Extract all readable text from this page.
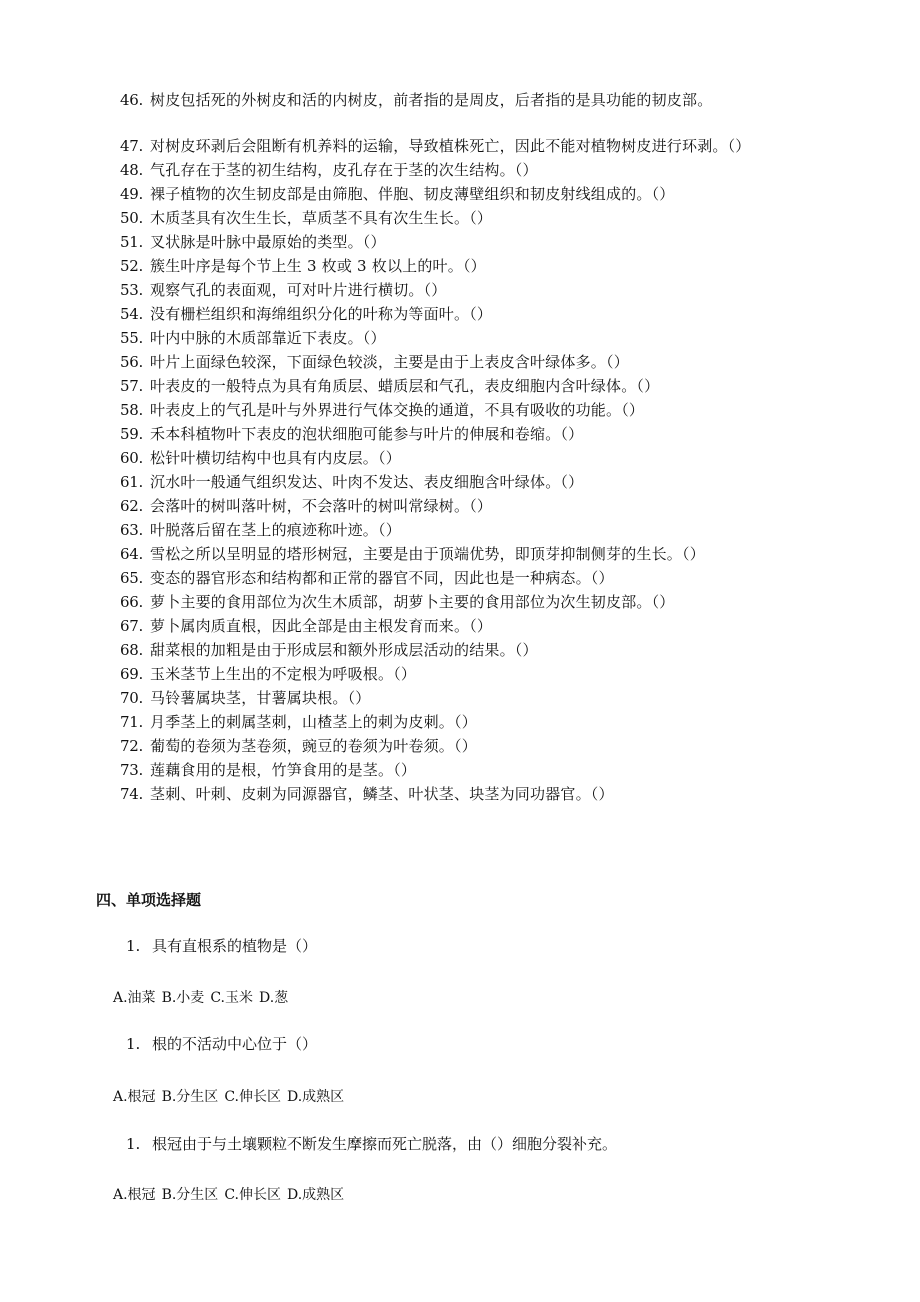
46. 树皮包括死的外树皮和活的内树皮，前者指的是周皮，后者指的是具功能的韧皮部。
47. 对树皮环剥后会阻断有机养料的运输，导致植株死亡，因此不能对植物树皮进行环剥。（）
48. 气孔存在于茎的初生结构，皮孔存在于茎的次生结构。（）
49. 裸子植物的次生韧皮部是由筛胞、伴胞、韧皮薄壁组织和韧皮射线组成的。（）
50. 木质茎具有次生生长，草质茎不具有次生生长。（）
51. 叉状脉是叶脉中最原始的类型。（）
52. 簇生叶序是每个节上生 3 枚或 3 枚以上的叶。（）
53. 观察气孔的表面观，可对叶片进行横切。（）
54. 没有栅栏组织和海绵组织分化的叶称为等面叶。（）
55. 叶内中脉的木质部靠近下表皮。（）
56. 叶片上面绿色较深，下面绿色较淡，主要是由于上表皮含叶绿体多。（）
57. 叶表皮的一般特点为具有角质层、蜡质层和气孔，表皮细胞内含叶绿体。（）
58. 叶表皮上的气孔是叶与外界进行气体交换的通道，不具有吸收的功能。（）
59. 禾本科植物叶下表皮的泡状细胞可能参与叶片的伸展和卷缩。（）
60. 松针叶横切结构中也具有内皮层。（）
61. 沉水叶一般通气组织发达、叶肉不发达、表皮细胞含叶绿体。（）
62. 会落叶的树叫落叶树，不会落叶的树叫常绿树。（）
63. 叶脱落后留在茎上的痕迹称叶迹。（）
64. 雪松之所以呈明显的塔形树冠，主要是由于顶端优势，即顶芽抑制侧芽的生长。（）
65. 变态的器官形态和结构都和正常的器官不同，因此也是一种病态。（）
66. 萝卜主要的食用部位为次生木质部，胡萝卜主要的食用部位为次生韧皮部。（）
67. 萝卜属肉质直根，因此全部是由主根发育而来。（）
68. 甜菜根的加粗是由于形成层和额外形成层活动的结果。（）
69. 玉米茎节上生出的不定根为呼吸根。（）
70. 马铃薯属块茎，甘薯属块根。（）
71. 月季茎上的刺属茎刺，山楂茎上的刺为皮刺。（）
72. 葡萄的卷须为茎卷须，豌豆的卷须为叶卷须。（）
73. 莲藕食用的是根，竹笋食用的是茎。（）
74. 茎刺、叶刺、皮刺为同源器官，鳞茎、叶状茎、块茎为同功器官。（）
四、单项选择题
1. 具有直根系的植物是（）
A.油菜 B.小麦 C.玉米 D.葱
1. 根的不活动中心位于（）
A.根冠 B.分生区 C.伸长区 D.成熟区
1. 根冠由于与土壤颗粒不断发生摩擦而死亡脱落，由（）细胞分裂补充。
A.根冠 B.分生区 C.伸长区 D.成熟区
